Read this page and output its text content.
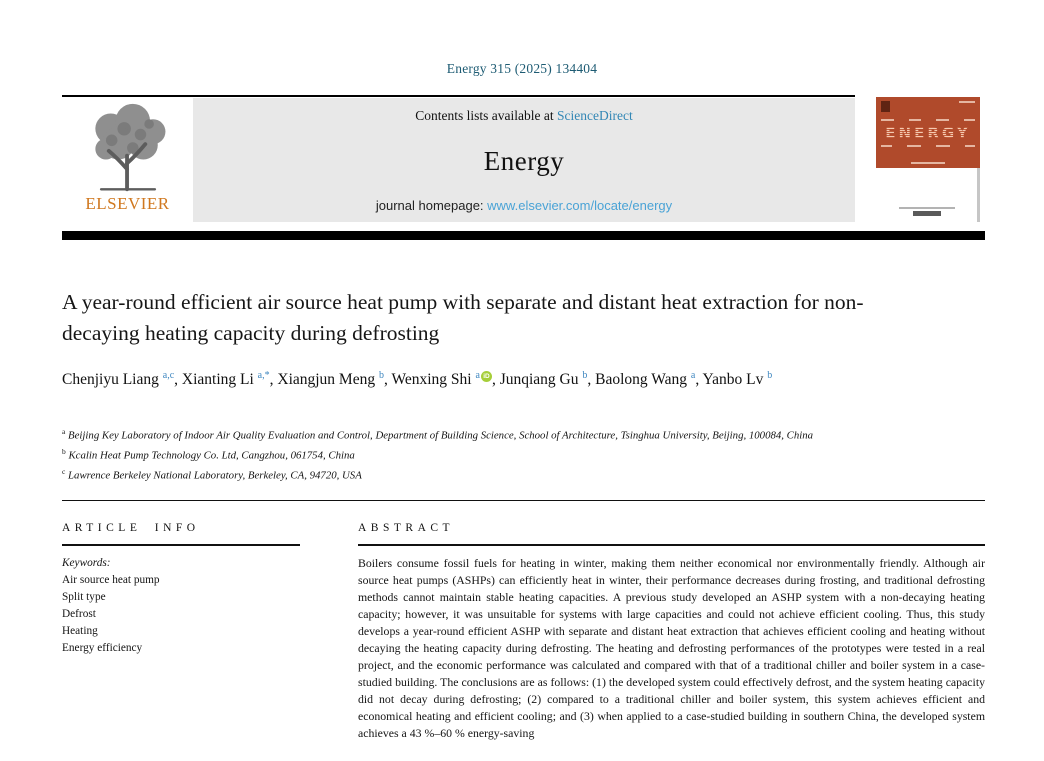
Energy 315 (2025) 134404
ELSEVIER
Contents lists available at ScienceDirect
Energy
journal homepage: www.elsevier.com/locate/energy
ENERGY
A year-round efficient air source heat pump with separate and distant heat extraction for non-decaying heating capacity during defrosting
Chenjiyu Liang $^{a,c}$, Xianting Li $^{a,*}$, Xiangjun Meng $^b$, Wenxing Shi $^a$ iD , Junqiang Gu $^b$, Baolong Wang $^a$, Yanbo Lv $^b$
$^a$ Beijing Key Laboratory of Indoor Air Quality Evaluation and Control, Department of Building Science, School of Architecture, Tsinghua University, Beijing, 100084, China
$^b$ Kcalin Heat Pump Technology Co. Ltd, Cangzhou, 061754, China
$^c$ Lawrence Berkeley National Laboratory, Berkeley, CA, 94720, USA
ARTICLE INFO
Keywords:
Air source heat pump
Split type
Defrost
Heating
Energy efficiency
ABSTRACT
Boilers consume fossil fuels for heating in winter, making them neither economical nor environmentally friendly. Although air source heat pumps (ASHPs) can efficiently heat in winter, their performance decreases during frosting, and traditional defrosting methods cannot maintain stable heating capacities. A previous study developed an ASHP system with a non-decaying heating capacity; however, it was unsuitable for systems with large capacities and could not achieve efficient cooling. Thus, this study develops a year-round efficient ASHP with separate and distant heat extraction that achieves efficient cooling and heating without decaying the heating capacity during defrosting. The heating and defrosting performances of the prototypes were tested in a real project, and the economic performance was calculated and compared with that of a traditional chiller and boiler system in a case-studied building. The conclusions are as follows: (1) the developed system could effectively defrost, and the system heating capacity did not decay during defrosting; (2) compared to a traditional chiller and boiler system, this system achieves efficient and economical heating and efficient cooling; and (3) when applied to a case-studied building in southern China, the developed system achieves a 43 %–60 % energy-saving
